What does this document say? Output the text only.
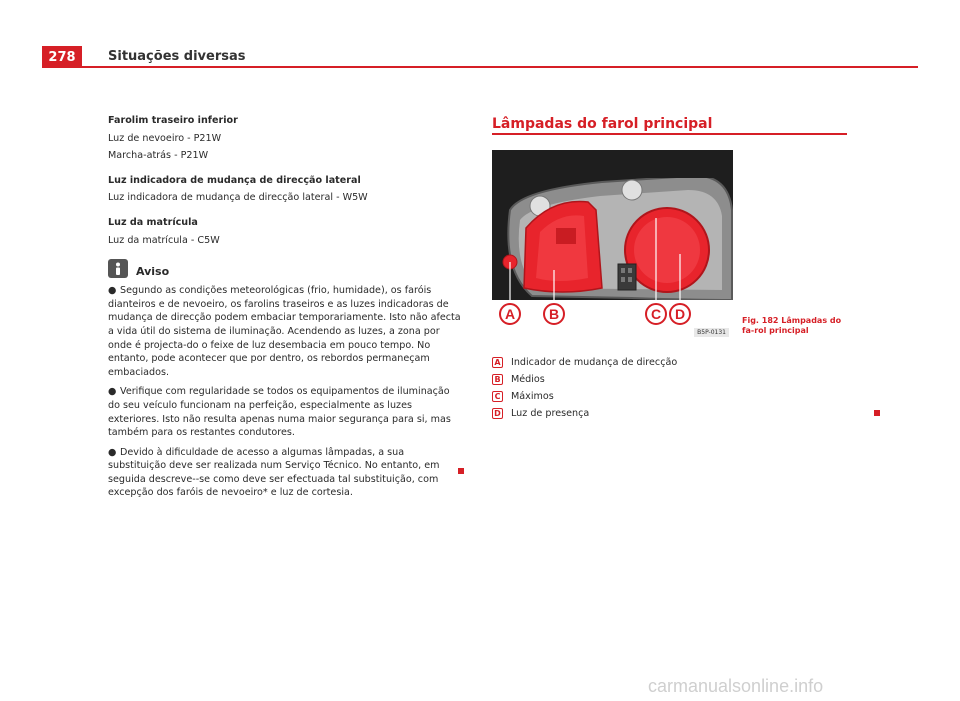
278	Situações diversas
Farolim traseiro inferior
Luz de nevoeiro - P21W
Marcha-atrás - P21W
Luz indicadora de mudança de direcção lateral
Luz indicadora de mudança de direcção lateral - W5W
Luz da matrícula
Luz da matrícula - C5W
Aviso
● Segundo as condições meteorológicas (frio, humidade), os faróis dianteiros e de nevoeiro, os farolins traseiros e as luzes indicadoras de mudança de direcção podem embaciar temporariamente. Isto não afecta a vida útil do sistema de iluminação. Acendendo as luzes, a zona por onde é projecta-do o feixe de luz desembacia em pouco tempo. No entanto, pode acontecer que por dentro, os rebordos permaneçam embaciados.
● Verifique com regularidade se todos os equipamentos de iluminação do seu veículo funcionam na perfeição, especialmente as luzes exteriores. Isto não resulta apenas numa maior segurança para si, mas também para os restantes condutores.
● Devido à dificuldade de acesso a algumas lâmpadas, a sua substituição deve ser realizada num Serviço Técnico. No entanto, em seguida descreve--se como deve ser efectuada tal substituição, com excepção dos faróis de nevoeiro* e luz de cortesia.
Lâmpadas do farol principal
A B	C D
B5P-0131
Fig. 182 Lâmpadas do fa-rol principal
A Indicador de mudança de direcção
B Médios
C Máximos
D Luz de presença
carmanualsonline.info
